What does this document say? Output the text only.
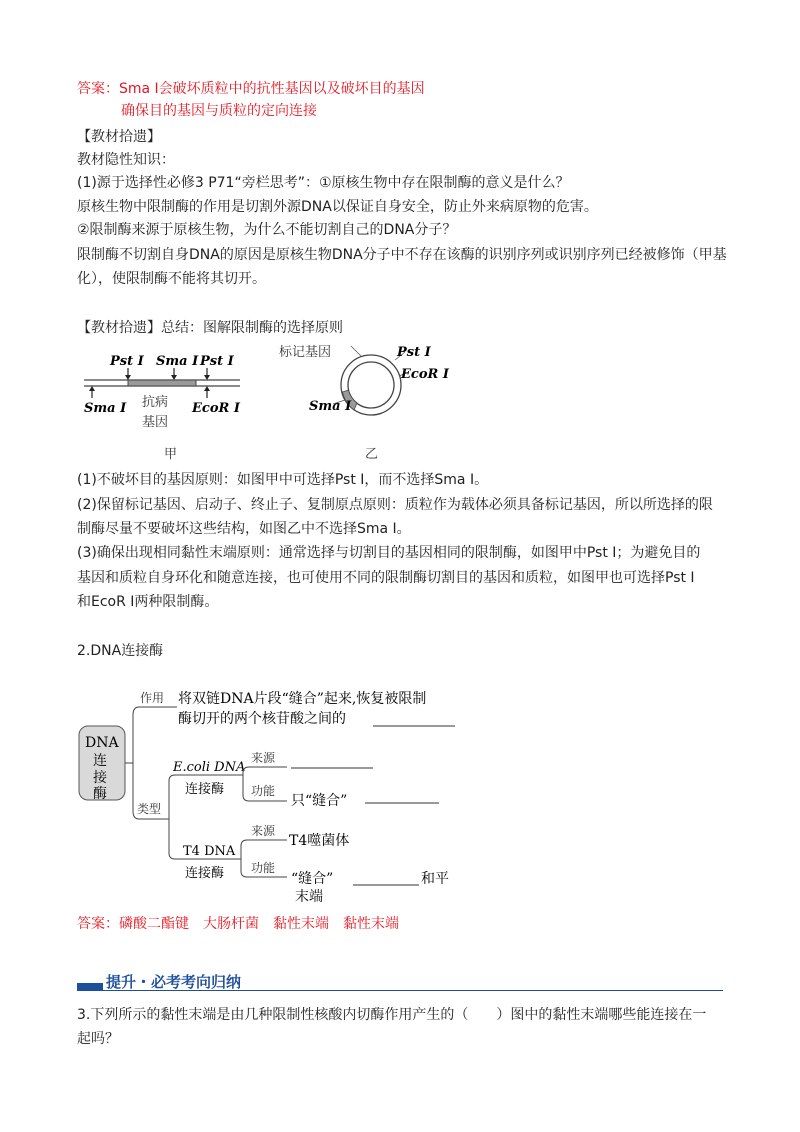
答案：Sma Ⅰ会破坏质粒中的抗性基因以及破坏目的基因
确保目的基因与质粒的定向连接
【教材拾遗】
教材隐性知识：
(1)源于选择性必修3 P71“旁栏思考”：①原核生物中存在限制酶的意义是什么？
原核生物中限制酶的作用是切割外源DNA以保证自身安全，防止外来病原物的危害。
②限制酶来源于原核生物，为什么不能切割自己的DNA分子？
限制酶不切割自身DNA的原因是原核生物DNA分子中不存在该酶的识别序列或识别序列已经被修饰（甲基
化），使限制酶不能将其切开。
【教材拾遗】总结：图解限制酶的选择原则
Pst Ⅰ Sma Ⅰ Pst Ⅰ
Sma Ⅰ 抗病
基因
EcoR Ⅰ
甲
标记基因	Pst Ⅰ
EcoR Ⅰ
Sma Ⅰ
乙
(1)不破坏目的基因原则：如图甲中可选择Pst Ⅰ，而不选择Sma Ⅰ。
(2)保留标记基因、启动子、终止子、复制原点原则：质粒作为载体必须具备标记基因，所以所选择的限
制酶尽量不要破坏这些结构，如图乙中不选择Sma Ⅰ。
(3)确保出现相同黏性末端原则：通常选择与切割目的基因相同的限制酶，如图甲中Pst Ⅰ；为避免目的
基因和质粒自身环化和随意连接，也可使用不同的限制酶切割目的基因和质粒，如图甲也可选择Pst Ⅰ
和EcoR Ⅰ两种限制酶。
2.DNA连接酶
DNA
连
接
酶
作用 将双链DNA片段“缝合”起来,恢复被限制
酶切开的两个核苷酸之间的
类型
E.coli DNA
连接酶
T4 DNA
连接酶
来源
功能
只“缝合”
来源
功能
T4噬菌体
“缝合”
末端
和平
答案：磷酸二酯键　大肠杆菌　黏性末端　黏性末端
提升・必考考向归纳
3.下列所示的黏性末端是由几种限制性核酸内切酶作用产生的（　　）图中的黏性末端哪些能连接在一
起吗？
